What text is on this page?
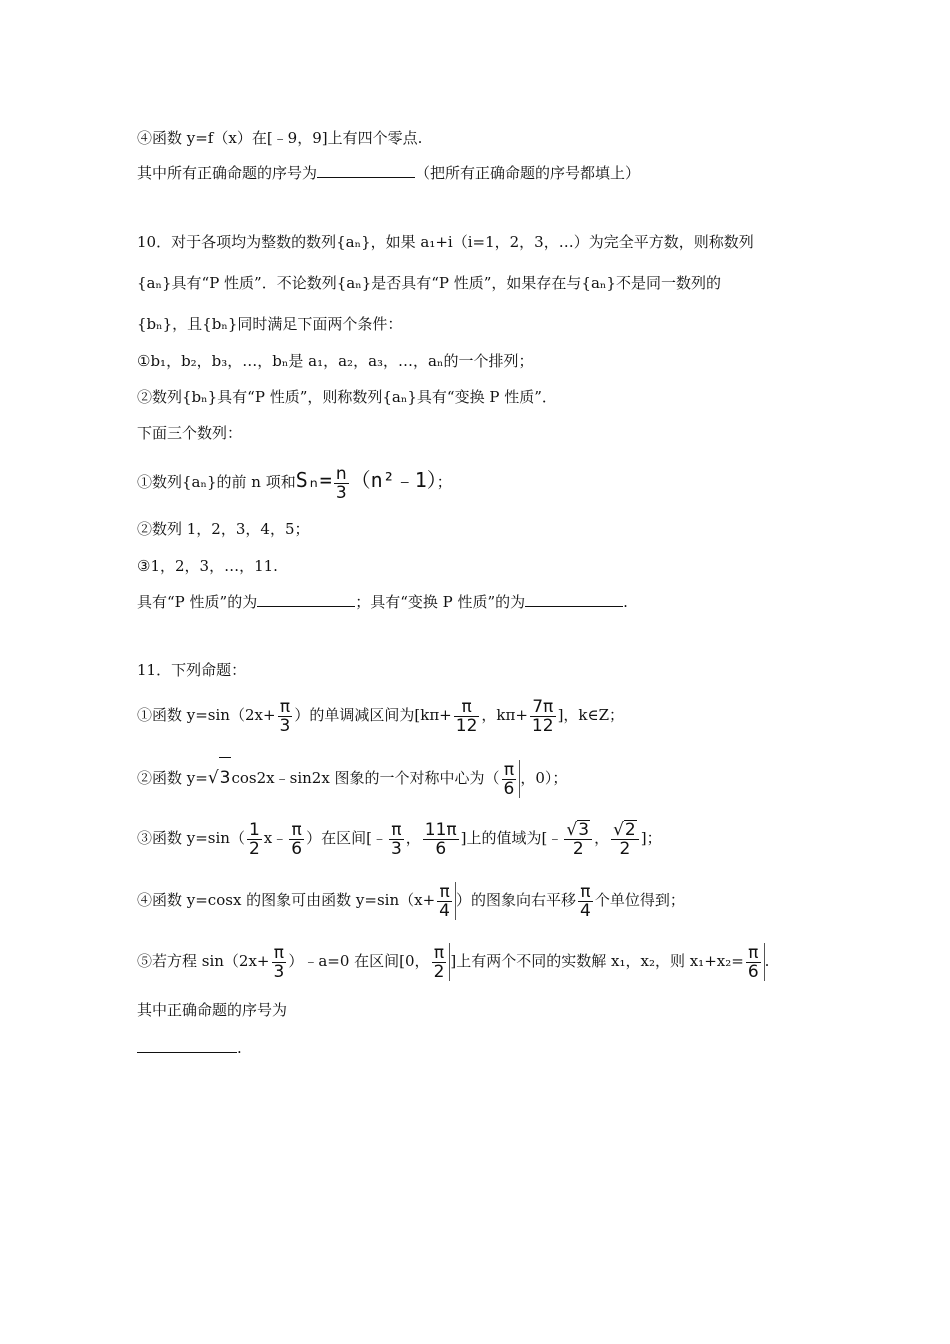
④函数 y=f（x）在[﹣9，9]上有四个零点.
其中所有正确命题的序号为	（把所有正确命题的序号都填上）
10．对于各项均为整数的数列{aₙ}，如果 a₁+i（i=1，2，3，…）为完全平方数，则称数列
{aₙ}具有“P 性质”．不论数列{aₙ}是否具有“P 性质”，如果存在与{aₙ}不是同一数列的
{bₙ}，且{bₙ}同时满足下面两个条件：
①b₁，b₂，b₃，…，bₙ是 a₁，a₂，a₃，…，aₙ的一个排列；
②数列{bₙ}具有“P 性质”，则称数列{aₙ}具有“变换 P 性质”．
下面三个数列：
①数列{aₙ}的前 n 项和$S_n= \frac{n}{3}$ （n²﹣1）；
②数列 1，2，3，4，5；
③1，2，3，…，11.
具有“P 性质”的为	；具有“变换 P 性质”的为	.
11．下列命题：
①函数 $y=\sin(2x+ \frac{\pi}{3}$ ）的单调减区间为[$k\pi+ \frac{\pi}{12}$ ，$k\pi+ \frac{7\pi}{12}$ ]，k∈Z；
②函数 y=√3cos2x﹣sin2x 图象的一个对称中心为（ $\frac{\pi}{6}$ ，0）；
③函数 $y=\sin( \frac{1}{2}$ x﹣ $\frac{\pi}{6}$ ）在区间[﹣ $\frac{\pi}{3}$ ， $\frac{11\pi}{6}$ ]上的值域为[﹣ $\frac{√3}{2}$ ， $\frac{√2}{2}$ ]；
④函数 y=cosx 的图象可由函数 $y=\sin(x+ \frac{\pi}{4}$ ）的图象向右平移 $\frac{\pi}{4}$ 个单位得到；
⑤若方程 $\sin(2x+ \frac{\pi}{3}$ ）﹣a=0 在区间[0， $\frac{\pi}{2}$ ]上有两个不同的实数解 x₁，x₂，则 $x_1+x_2= \frac{\pi}{6}$ .
其中正确命题的序号为
.
